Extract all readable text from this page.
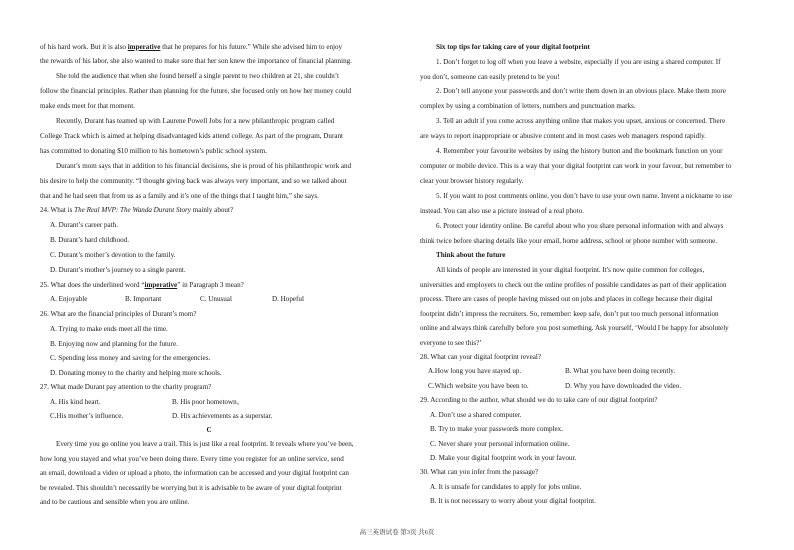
of his hard work. But it is also imperative that he prepares for his future.” While she advised him to enjoy
the rewards of his labor, she also wanted to make sure that her son knew the importance of financial planning.
She told the audience that when she found herself a single parent to two children at 21, she couldn’t
follow the financial principles. Rather than planning for the future, she focused only on how her money could
make ends meet for that moment.
Recently, Durant has teamed up with Laurene Powell Jobs for a new philanthropic program called
College Track which is aimed at helping disadvantaged kids attend college. As part of the program, Durant
has committed to donating $10 million to his hometown’s public school system.
Durant’s mom says that in addition to his financial decisions, she is proud of his philanthropic work and
his desire to help the community. “I thought giving back was always very important, and so we talked about
that and he had seen that from us as a family and it’s one of the things that I taught him,” she says.
24. What is The Real MVP: The Wanda Durant Story mainly about?
A. Durant’s career path.
B. Durant’s hard childhood.
C. Durant’s mother’s devotion to the family.
D. Durant’s mother’s journey to a single parent.
25. What does the underlined word “imperative” in Paragraph 3 mean?
A. Enjoyable	B. Important	C. Unusual	D. Hopeful
26. What are the financial principles of Durant’s mom?
A. Trying to make ends meet all the time.
B. Enjoying now and planning for the future.
C. Spending less money and saving for the emergencies.
D. Donating money to the charity and helping more schools.
27. What made Durant pay attention to the charity program?
A. His kind heart.	B. His poor hometown。
C.His mother’s influence.	D. His achievements as a superstar.
C
Every time you go online you leave a trail. This is just like a real footprint. It reveals where you’ve been,
how long you stayed and what you’ve been doing there. Every time you register for an online service, send
an email, download a video or upload a photo, the information can be accessed and your digital footprint can
be revealed. This shouldn’t necessarily be worrying but it is advisable to be aware of your digital footprint
and to be cautious and sensible when you are online.
Six top tips for taking care of your digital footprint
1. Don’t forget to log off when you leave a website, especially if you are using a shared computer. If
you don’t, someone can easily pretend to be you!
2. Don’t tell anyone your passwords and don’t write them down in an obvious place. Make them more
complex by using a combination of letters, numbers and punctuation marks.
3. Tell an adult if you come across anything online that makes you upset, anxious or concerned. There
are ways to report inappropriate or abusive content and in most cases web managers respond rapidly.
4. Remember your favourite websites by using the history button and the bookmark function on your
computer or mobile device. This is a way that your digital footprint can work in your favour, but remember to
clear your browser history regularly.
5. If you want to post comments online, you don’t have to use your own name. Invent a nickname to use
instead. You can also use a picture instead of a real photo.
6. Protect your identity online. Be careful about who you share personal information with and always
think twice before sharing details like your email, home address, school or phone number with someone.
Think about the future
All kinds of people are interested in your digital footprint. It's now quite common for colleges,
universities and employers to check out the online profiles of possible candidates as part of their application
process. There are cases of people having missed out on jobs and places in college because their digital
footprint didn’t impress the recruiters. So, remember: keep safe, don’t put too much personal information
online and always think carefully before you post something. Ask yourself, ‘Would I be happy for absolutely
everyone to see this?’
28. What can your digital footprint reveal?
A.How long you have stayed up.	B. What you have been doing recently.
C.Which website you have been to.	D. Why you have downloaded the video.
29. According to the author, what should we do to take care of our digital footprint?
A. Don’t use a shared computer.
B. Try to make your passwords more complex.
C. Never share your personal information online.
D. Make your digital footprint work in your favour.
30. What can you infer from the passage?
A. It is unsafe for candidates to apply for jobs online.
B. It is not necessary to worry about your digital footprint.
高三英语试卷 第3页 共6页
